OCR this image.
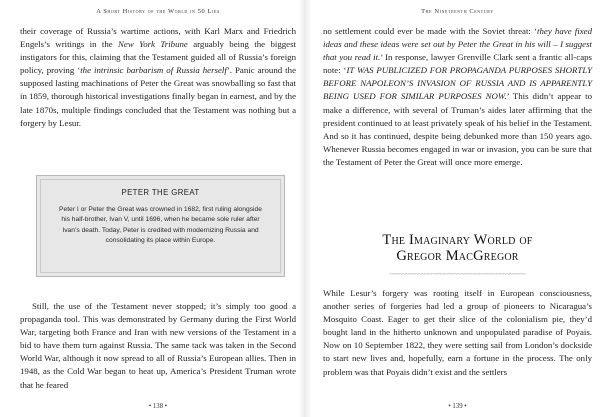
A Short History of the World in 50 Lies

their coverage of Russia’s wartime actions, with Karl Marx and Friedrich Engels’s writings in the New York Tribune arguably being the biggest instigators for this, claiming that the Testament guided all of Russia’s foreign policy, proving ‘the intrinsic barbarism of Russia herself’. Panic around the supposed lasting machinations of Peter the Great was snowballing so fast that in 1859, thorough historical investigations finally began in earnest, and by the late 1870s, multiple findings concluded that the Testament was nothing but a forgery by Lesur.

PETER THE GREAT
Peter I or Peter the Great was crowned in 1682, first ruling alongside his half-brother, Ivan V, until 1696, when he became sole ruler after Ivan’s death. Today, Peter is credited with modernizing Russia and consolidating its place within Europe.

Still, the use of the Testament never stopped; it’s simply too good a propaganda tool. This was demonstrated by Germany during the First World War, targeting both France and Iran with new versions of the Testament in a bid to have them turn against Russia. The same tack was taken in the Second World War, although it now spread to all of Russia’s European allies. Then in 1948, as the Cold War began to heat up, America’s President Truman wrote that he feared

• 138 •
The Nineteenth Century

no settlement could ever be made with the Soviet threat: ‘they have fixed ideas and these ideas were set out by Peter the Great in his will – I suggest that you read it.’ In response, lawyer Grenville Clark sent a frantic all-caps note: ‘IT WAS PUBLICIZED FOR PROPAGANDA PURPOSES SHORTLY BEFORE NAPOLEON’S INVASION OF RUSSIA AND IS APPARENTLY BEING USED FOR SIMILAR PURPOSES NOW.’ This didn’t appear to make a difference, with several of Truman’s aides later affirming that the president continued to at least privately speak of his belief in the Testament. And so it has continued, despite being debunked more than 150 years ago. Whenever Russia becomes engaged in war or invasion, you can be sure that the Testament of Peter the Great will once more emerge.

The Imaginary World of
Gregor MacGregor
~~~~~~~~~~~~~~~~~~~~~~~~~~~~~~~~~~~~~~~~~~

While Lesur’s forgery was rooting itself in European consciousness, another series of forgeries had led a group of pioneers to Nicaragua’s Mosquito Coast. Eager to get their slice of the colonialism pie, they’d bought land in the hitherto unknown and unpopulated paradise of Poyais. Now on 10 September 1822, they were setting sail from London’s dockside to start new lives and, hopefully, earn a fortune in the process. The only problem was that Poyais didn’t exist and the settlers

• 139 •
